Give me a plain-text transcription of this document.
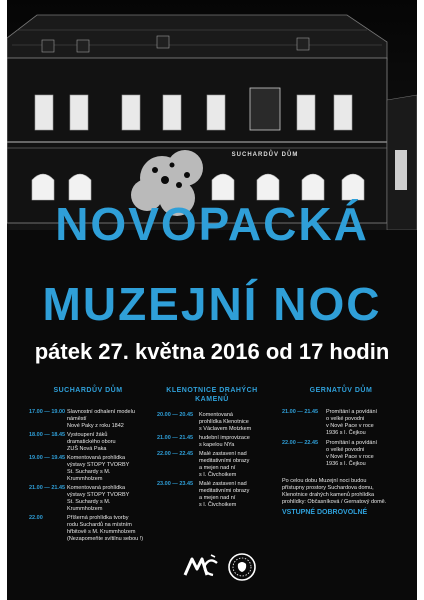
SUCHARDŮV DŮM
NOVOPACKÁ
MUZEJNÍ NOC
pátek 27. května 2016 od 17 hodin
SUCHARDŮV DŮM
17.00 — 19.00 Slavnostní odhalení modelu
náměstí
Nové Paky z roku 1842
18.00 — 18.45 Vystoupení žáků
dramatického oboru
ZUŠ Nová Paka
19.00 — 19.45 Komentovaná prohlídka
výstavy STOPY TVORBY
St. Suchardy s M. Krummholzem
21.00 — 21.45 Komentovaná prohlídka
výstavy STOPY TVORBY
St. Suchardy s M. Krummholzem
22.00	Příšerná prohlídka tvorby
rodu Suchardů na místním
hřbitově s M. Krummholzem
(Nezapomeňte svítilnu sebou !)
KLENOTNICE DRAHÝCH
KAMENŮ
20.00 — 20.45	Komentovaná
prohlídka Klenotnice
s Václavem Motzkem
21.00 — 21.45	hudební improvizace
s kapelou NYa
22.00 — 22.45	Malé zastavení nad
meditativními obrazy
a mejen nad ní
s I. Čivchoikem
23.00 — 23.45	Malé zastavení nad
meditativními obrazy
a mejen nad ní
s I. Čivchoikem
GERNATŮV DŮM
21.00 — 21.45	Promítání a povídání
o velké povodni
v Nové Pace v roce
1936 s I. Čejkou
22.00 — 22.45	Promítání a povídání
o velké povodni
v Nové Pace v roce
1936 s I. Čejkou
Po celou dobu Muzejní noci budou
přístupny prostory Suchardova domu,
Klenotnice drahých kamenů prohlídka
prohlídky: Občasníková / Gernatový domě.
VSTUPNÉ DOBROVOLNÉ
